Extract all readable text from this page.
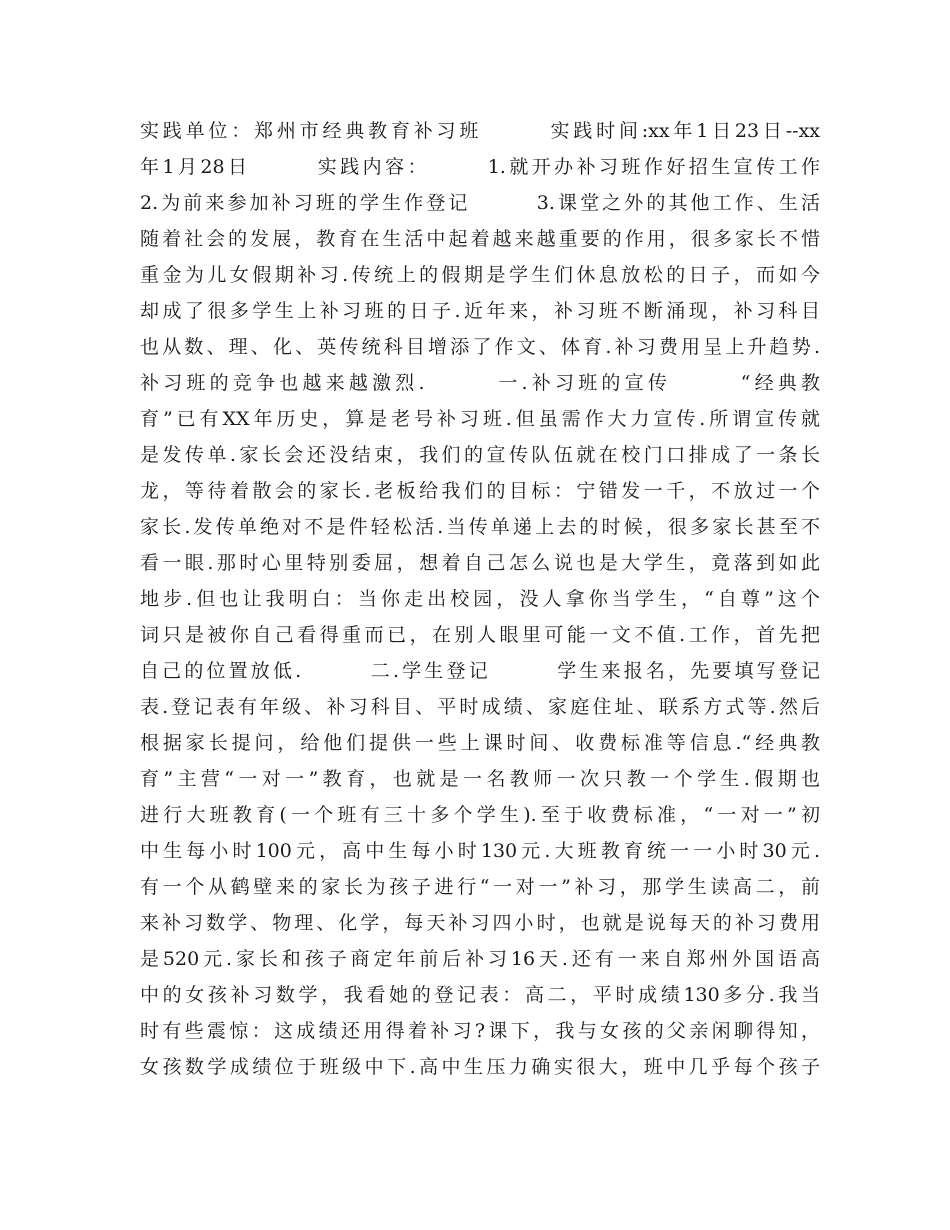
实践单位：郑州市经典教育补习班　　　实践时间:xx年1日23日--xx
年1月28日　　　实践内容：　　　1.就开办补习班作好招生宣传工作
2.为前来参加补习班的学生作登记　　　3.课堂之外的其他工作、生活
随着社会的发展，教育在生活中起着越来越重要的作用，很多家长不惜
重金为儿女假期补习.传统上的假期是学生们休息放松的日子，而如今
却成了很多学生上补习班的日子.近年来，补习班不断涌现，补习科目
也从数、理、化、英传统科目增添了作文、体育.补习费用呈上升趋势.
补习班的竞争也越来越激烈.　　　一.补习班的宣传　　　“经典教
育”已有XX年历史，算是老号补习班.但虽需作大力宣传.所谓宣传就
是发传单.家长会还没结束，我们的宣传队伍就在校门口排成了一条长
龙，等待着散会的家长.老板给我们的目标：宁错发一千，不放过一个
家长.发传单绝对不是件轻松活.当传单递上去的时候，很多家长甚至不
看一眼.那时心里特别委屈，想着自己怎么说也是大学生，竟落到如此
地步.但也让我明白：当你走出校园，没人拿你当学生，“自尊”这个
词只是被你自己看得重而已，在别人眼里可能一文不值.工作，首先把
自己的位置放低.　　　二.学生登记　　　学生来报名，先要填写登记
表.登记表有年级、补习科目、平时成绩、家庭住址、联系方式等.然后
根据家长提问，给他们提供一些上课时间、收费标准等信息.“经典教
育”主营“一对一”教育，也就是一名教师一次只教一个学生.假期也
进行大班教育(一个班有三十多个学生).至于收费标准，“一对一”初
中生每小时100元，高中生每小时130元.大班教育统一一小时30元.
有一个从鹤壁来的家长为孩子进行“一对一”补习，那学生读高二，前
来补习数学、物理、化学，每天补习四小时，也就是说每天的补习费用
是520元.家长和孩子商定年前后补习16天.还有一来自郑州外国语高
中的女孩补习数学，我看她的登记表：高二，平时成绩130多分.我当
时有些震惊：这成绩还用得着补习?课下，我与女孩的父亲闲聊得知，
女孩数学成绩位于班级中下.高中生压力确实很大，班中几乎每个孩子
